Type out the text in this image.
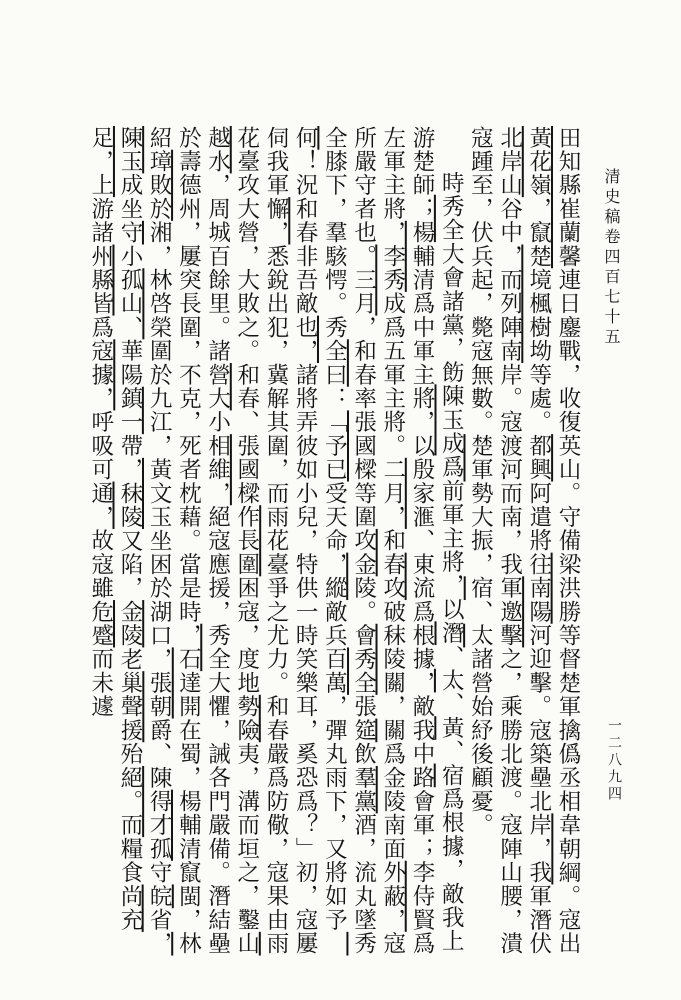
清史稿卷四百七十五
一二八九四

田知縣崔蘭馨連日鏖戰，收復英山。守備梁洪勝等督楚軍擒僞丞相韋朝綱。寇出黃花嶺，竄楚境楓樹坳等處。都興阿遣將往南陽河迎擊。寇築壘北岸，我軍潛伏北岸山谷中，而列陣南岸。寇渡河而南，我軍邀擊之，乘勝北渡。寇陣山腰，潰寇踵至，伏兵起，斃寇無數。楚軍勢大振，宿、太諸營始紓後顧憂。

時秀全大會諸黨，飭陳玉成爲前軍主將，以潛、太、黃、宿爲根據，敵我上游楚師；楊輔清爲中軍主將，以殷家滙、東流爲根據，敵我中路會軍；李侍賢爲左軍主將，李秀成爲五軍主將。二月，和春攻破秣陵關，關爲金陵南面外蔽，寇所嚴守者也。三月，和春率張國樑等圍攻金陵。會秀全張筵飲羣黨酒，流丸墜秀全膝下，羣駭愕。秀全曰：「予已受天命，縱敵兵百萬，彈丸雨下，又將如予何！況和春非吾敵也，諸將弄彼如小兒，特供一時笑樂耳，奚恐爲？」初，寇屢伺我軍懈，悉銳出犯，冀解其圍，而雨花臺爭之尤力。和春嚴爲防儆，寇果由雨花臺攻大營，大敗之。和春、張國樑作長圍困寇，度地勢險夷，溝而垣之，鑿山越水，周城百餘里。諸營大小相維，絕寇應援，秀全大懼，誡各門嚴備。潛結壘於壽德州，屢突長圍，不克，死者枕藉。當是時，石達開在蜀，楊輔清竄閩，林紹璋敗於湘，林啓榮圍於九江，黃文玉坐困於湖口，張朝爵、陳得才孤守皖省，陳玉成坐守小孤山、華陽鎮一帶，秣陵又陷，金陵老巢聲援殆絕。而糧食尚充足，上游諸州縣皆爲寇據，呼吸可通，故寇雖危蹙而未遽
